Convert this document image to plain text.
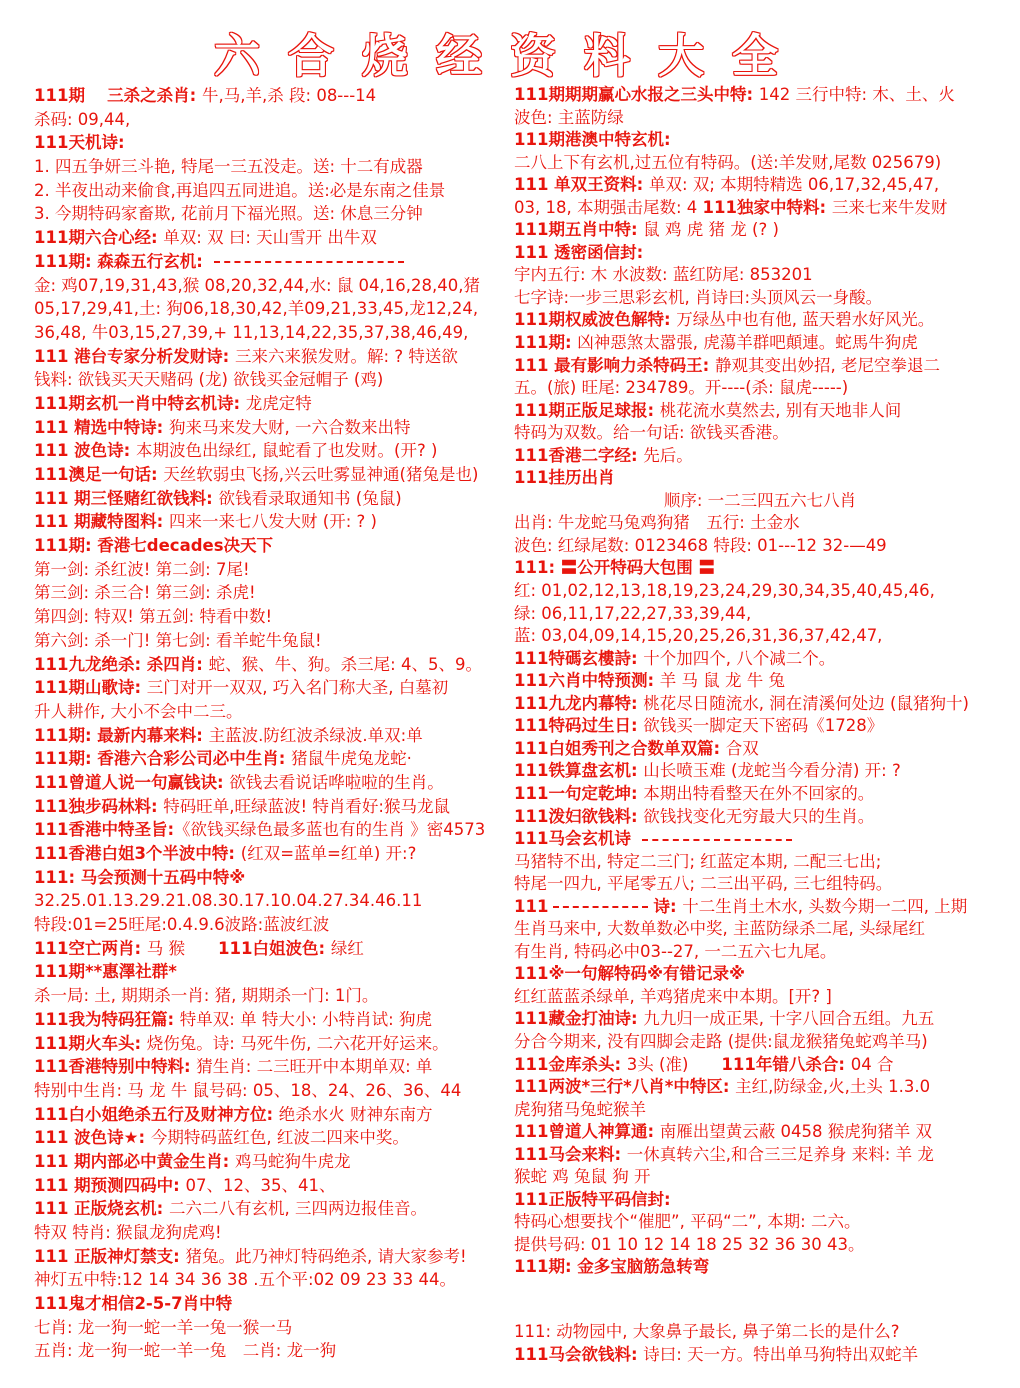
六合烧经资料大全
111期　 三杀之杀肖: 牛,马,羊,杀 段: 08---14
杀码: 09,44,
111天机诗:
1. 四五争妍三斗艳, 特尾一三五没走。送: 十二有成器
2. 半夜出动来偷食,再追四五同进追。送:必是东南之佳景
3. 今期特码家畜欺, 花前月下福光照。送: 休息三分钟
111期六合心经: 单双: 双 曰: 天山雪开 出牛双
111期: 森森五行玄机:
金: 鸡07,19,31,43,猴 08,20,32,44,水: 鼠 04,16,28,40,猪
05,17,29,41,土: 狗06,18,30,42,羊09,21,33,45,龙12,24,
36,48, 牛03,15,27,39,+ 11,13,14,22,35,37,38,46,49,
111 港台专家分析发财诗: 三来六来猴发财。解: ? 特送欲
钱料: 欲钱买天天赌码 (龙) 欲钱买金冠帽子 (鸡)
111期玄机一肖中特玄机诗: 龙虎定特
111 精选中特诗: 狗来马来发大财, 一六合数来出特
111 波色诗: 本期波色出绿红, 鼠蛇看了也发财。(开? )
111澳足一句话: 天丝软弱虫飞扬,兴云吐雾显神通(猪兔是也)
111 期三怪赌红欲钱料: 欲钱看录取通知书 (兔鼠)
111 期藏特图料: 四来一来七八发大财 (开: ? )
111期: 香港七decades决天下
第一剑: 杀红波! 第二剑: 7尾!
第三剑: 杀三合! 第三剑: 杀虎!
第四剑: 特双! 第五剑: 特看中数!
第六剑: 杀一门! 第七剑: 看羊蛇牛兔鼠!
111九龙绝杀: 杀四肖: 蛇、猴、牛、狗。杀三尾: 4、5、9。
111期山歌诗: 三门对开一双双, 巧入名门称大圣, 白墓初
升人耕作, 大小不会中二三。
111期: 最新内幕来料: 主蓝波.防红波杀绿波.单双:单
111期: 香港六合彩公司必中生肖: 猪鼠牛虎兔龙蛇·
111曾道人说一句赢钱诀: 欲钱去看说话哗啦啦的生肖。
111独步码林料: 特码旺单,旺绿蓝波! 特肖看好:猴马龙鼠
111香港中特圣旨:《欲钱买绿色最多蓝也有的生肖 》密4573
111香港白姐3个半波中特: (红双=蓝单=红单) 开:?
111: 马会预测十五码中特※
32.25.01.13.29.21.08.30.17.10.04.27.34.46.11
特段:01=25旺尾:0.4.9.6波路:蓝波红波
111空亡两肖: 马 猴　　111白姐波色: 绿红
111期**惠澤社群*
杀一局: 土, 期期杀一肖: 猪, 期期杀一门: 1门。
111我为特码狂篇: 特单双: 单 特大小: 小特肖试: 狗虎
111期火车头: 烧伤兔。诗: 马死牛伤, 二六花开好运来。
111香港特别中特料: 猜生肖: 二三旺开中本期单双: 单
特别中生肖: 马 龙 牛 鼠号码: 05、18、24、26、36、44
111白小姐绝杀五行及财神方位: 绝杀水火 财神东南方
111 波色诗★: 今期特码蓝红色, 红波二四来中奖。
111 期内部必中黄金生肖: 鸡马蛇狗牛虎龙
111 期预测四码中: 07、12、35、41、
111 正版烧玄机: 二六二八有玄机, 三四两边报佳音。
特双 特肖: 猴鼠龙狗虎鸡!
111 正版神灯禁支: 猪兔。此乃神灯特码绝杀, 请大家参考!
神灯五中特:12 14 34 36 38 .五个平:02 09 23 33 44。
111鬼才相信2-5-7肖中特
七肖: 龙一狗一蛇一羊一兔一猴一马
五肖: 龙一狗一蛇一羊一兔　二肖: 龙一狗
111期期期赢心水报之三头中特: 142 三行中特: 木、土、火
波色: 主蓝防绿
111期港澳中特玄机:
二八上下有玄机,过五位有特码。(送:羊发财,尾数 025679)
111 单双王资料: 单双: 双; 本期特精选 06,17,32,45,47,
03, 18, 本期强击尾数: 4 111独家中特料: 三来七来牛发财
111期五肖中特: 鼠 鸡 虎 猪 龙 (? )
111 透密函信封:
宇内五行: 木 水波数: 蓝红防尾: 853201
七字诗:一步三思彩玄机, 肖诗曰:头顶风云一身酸。
111期权威波色解特: 万绿丛中也有他, 蓝天碧水好风光。
111期: 凶神惡煞太嚣張, 虎蕩羊群吧顛連。蛇馬牛狗虎
111 最有影响力杀特码王: 静观其变出妙招, 老尼空拳退二
五。(旅) 旺尾: 234789。开----(杀: 鼠虎-----)
111期正版足球报: 桃花流水莫然去, 别有天地非人间
特码为双数。给一句话: 欲钱买香港。
111香港二字经: 先后。
111挂历出肖
顺序: 一二三四五六七八肖
出肖: 牛龙蛇马兔鸡狗猪　五行: 土金水
波色: 红绿尾数: 0123468 特段: 01---12 32-—49
111: 〓公开特码大包围 〓
红: 01,02,12,13,18,19,23,24,29,30,34,35,40,45,46,
绿: 06,11,17,22,27,33,39,44,
蓝: 03,04,09,14,15,20,25,26,31,36,37,42,47,
111特碼玄樓詩: 十个加四个, 八个减二个。
111六肖中特预测: 羊 马 鼠 龙 牛 兔
111九龙内幕特: 桃花尽日随流水, 洞在清溪何处边 (鼠猪狗十)
111特码过生日: 欲钱买一脚定天下密码《1728》
111白姐秀刊之合数单双篇: 合双
111铁算盘玄机: 山长喷玉难 (龙蛇当今看分清) 开: ?
111一句定乾坤: 本期出特看整天在外不回家的。
111泼妇欲钱料: 欲钱找变化无穷最大只的生肖。
111马会玄机诗
马猪特不出, 特定二三门; 红蓝定本期, 二配三七出;
特尾一四九, 平尾零五八; 二三出平码, 三七组特码。
111	诗: 十二生肖土木水, 头数今期一二四, 上期
生肖马来中, 大数单数必中奖, 主蓝防绿杀二尾, 头绿尾红
有生肖, 特码必中03--27, 一二五六七九尾。
111※一句解特码※有错记录※
红红蓝蓝杀绿单, 羊鸡猪虎来中本期。[开? ]
111藏金打油诗: 九九归一成正果, 十字八回合五组。九五
分合今期来, 没有四脚会走路 (提供:鼠龙猴猪兔蛇鸡羊马)
111金库杀头: 3头 (准)　　111年错八杀合: 04 合
111两波*三行*八肖*中特区: 主红,防绿金,火,土头 1.3.0
虎狗猪马兔蛇猴羊
111曾道人神算通: 南雁出望黄云蔽 0458 猴虎狗猪羊 双
111马会来料: 一休真转六尘,和合三三足养身 来料: 羊 龙
猴蛇 鸡 兔鼠 狗 开
111正版特平码信封:
特码心想要找个“催肥”, 平码“二”, 本期: 二六。
提供号码: 01 10 12 14 18 25 32 36 30 43。
111期: 金多宝脑筋急转弯
111: 动物园中, 大象鼻子最长, 鼻子第二长的是什么?
111马会欲钱料: 诗曰: 天一方。特出单马狗特出双蛇羊
